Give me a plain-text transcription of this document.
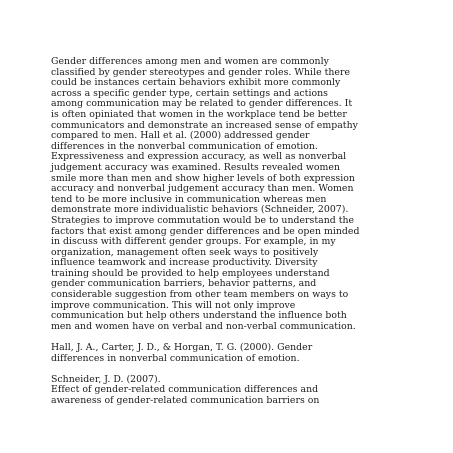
Gender differences among men and women are commonly
classified by gender stereotypes and gender roles. While there
could be instances certain behaviors exhibit more commonly
across a specific gender type, certain settings and actions
among communication may be related to gender differences. It
is often opiniated that women in the workplace tend be better
communicators and demonstrate an increased sense of empathy
compared to men. Hall et al. (2000) addressed gender
differences in the nonverbal communication of emotion.
Expressiveness and expression accuracy, as well as nonverbal
judgement accuracy was examined. Results revealed women
smile more than men and show higher levels of both expression
accuracy and nonverbal judgement accuracy than men. Women
tend to be more inclusive in communication whereas men
demonstrate more individualistic behaviors (Schneider, 2007).
Strategies to improve commutation would be to understand the
factors that exist among gender differences and be open minded
in discuss with different gender groups. For example, in my
organization, management often seek ways to positively
influence teamwork and increase productivity. Diversity
training should be provided to help employees understand
gender communication barriers, behavior patterns, and
considerable suggestion from other team members on ways to
improve communication. This will not only improve
communication but help others understand the influence both
men and women have on verbal and non-verbal communication.
Hall, J. A., Carter, J. D., & Horgan, T. G. (2000). Gender
differences in nonverbal communication of emotion.
Schneider, J. D. (2007).
Effect of gender-related communication differences and
awareness of gender-related communication barriers on
